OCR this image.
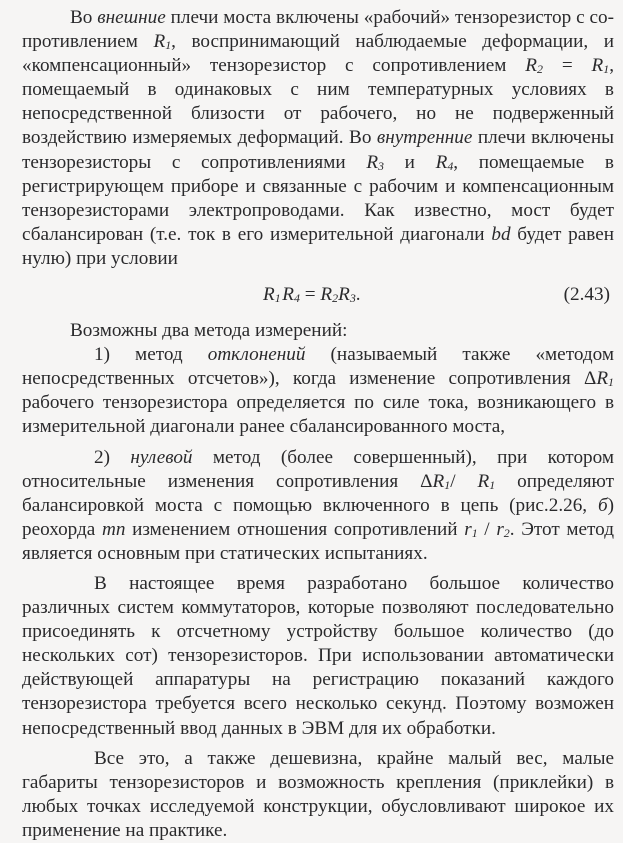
Во внешние плечи моста включены «рабочий» тензорезистор с сопротивлением $R_1$, воспринимающий наблюдаемые деформации, и «компенсационный» тензорезистор с сопротивлением $R_2 = R_1$, помещаемый в одинаковых с ним температурных условиях в непосредственной близости от рабочего, но не подверженный воздействию измеряемых деформаций. Во внутренние плечи включены тензорезисторы с сопротивлениями $R_3$ и $R_4$, помещаемые в регистрирующем приборе и связанные с рабочим и компенсационным тензорезисторами электропроводами. Как известно, мост будет сбалансирован (т.е. ток в его измерительной диагонали bd будет равен нулю) при условии

$R_1$ $R_4 = R_2R_3$.	(2.43)

Возможны два метода измерений:

1) метод отклонений (называемый также «методом непосредственных отсчетов»), когда изменение сопротивления $\Delta R_1$ рабочего тензорезистора определяется по силе тока, возникающего в измерительной диагонали ранее сбалансированного моста,

2) нулевой метод (более совершенный), при котором относительные изменения сопротивления $\Delta R_1/$ $R_1$ определяют балансировкой моста с помощью включенного в цепь (рис.2.26, б) реохорда mn изменением отношения сопротивлений $r_1 / r_2$. Этот метод является основным при статических испытаниях.

В настоящее время разработано большое количество различных систем коммутаторов, которые позволяют последовательно присоединять к отсчетному устройству большое количество (до нескольких сот) тензорезисторов. При использовании автоматически действующей аппаратуры на регистрацию показаний каждого тензорезистора требуется всего несколько секунд. Поэтому возможен непосредственный ввод данных в ЭВМ для их обработки.

Все это, а также дешевизна, крайне малый вес, малые габариты тензорезисторов и возможность крепления (приклейки) в любых точках исследуемой конструкции, обусловливают широкое их применение на практике.
